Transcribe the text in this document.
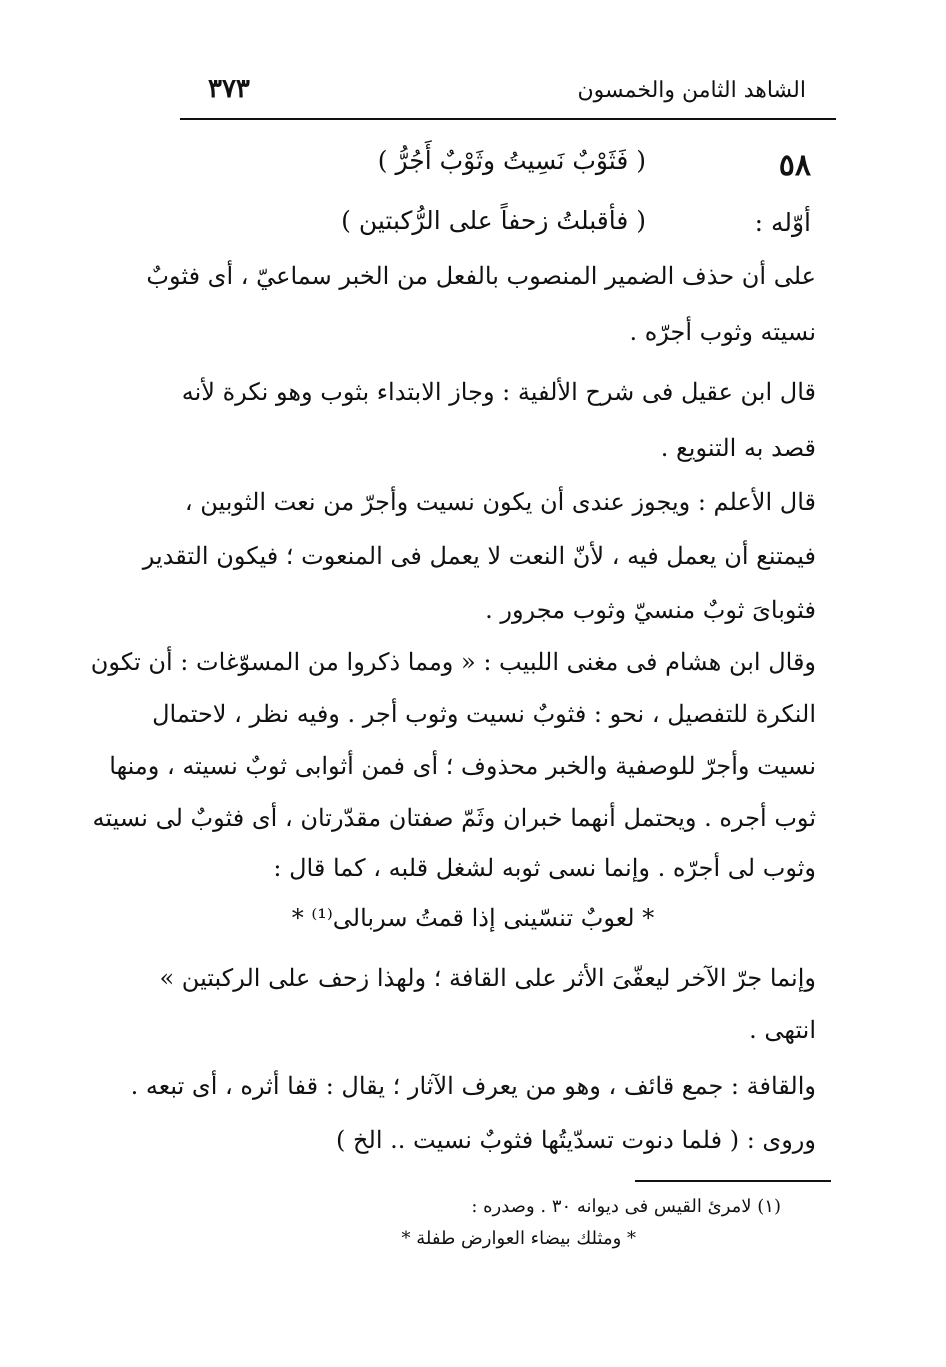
الشاهد الثامن والخمسون
٣٧٣
٥٨
( فَثَوْبٌ نَسِيتُ وثَوْبٌ أَجُرُّ )
أوّله :
( فأقبلتُ زحفاً على الرُّكبتين )
على أن حذف الضمير المنصوب بالفعل من الخبر سماعيّ ، أى فثوبٌ
نسيته وثوب أجرّه .
قال ابن عقيل فى شرح الألفية : وجاز الابتداء بثوب وهو نكرة لأنه
قصد به التنويع .
قال الأعلم : ويجوز عندى أن يكون نسيت وأجرّ من نعت الثوبين ،
فيمتنع أن يعمل فيه ، لأنّ النعت لا يعمل فى المنعوت ؛ فيكون التقدير
فثوباىَ ثوبٌ منسيّ وثوب مجرور .
وقال ابن هشام فى مغنى اللبيب : « ومما ذكروا من المسوّغات : أن تكون
النكرة للتفصيل ، نحو : فثوبٌ نسيت وثوب أجر . وفيه نظر ، لاحتمال
نسيت وأجرّ للوصفية والخبر محذوف ؛ أى فمن أثوابى ثوبٌ نسيته ، ومنها
ثوب أجره . ويحتمل أنهما خبران وثَمّ صفتان مقدّرتان ، أى فثوبٌ لى نسيته
وثوب لى أجرّه . وإنما نسى ثوبه لشغل قلبه ، كما قال :
* لعوبٌ تنسّينى إذا قمتُ سربالى⁽¹⁾ *
وإنما جرّ الآخر ليعفّىَ الأثر على القافة ؛ ولهذا زحف على الركبتين »
انتهى .
والقافة : جمع قائف ، وهو من يعرف الآثار ؛ يقال : قفا أثره ، أى تبعه .
وروى : ( فلما دنوت تسدّيتُها فثوبٌ نسيت .. الخ )
(١) لامرئ القيس فى ديوانه ٣٠ . وصدره :
* ومثلك بيضاء العوارض طفلة *
